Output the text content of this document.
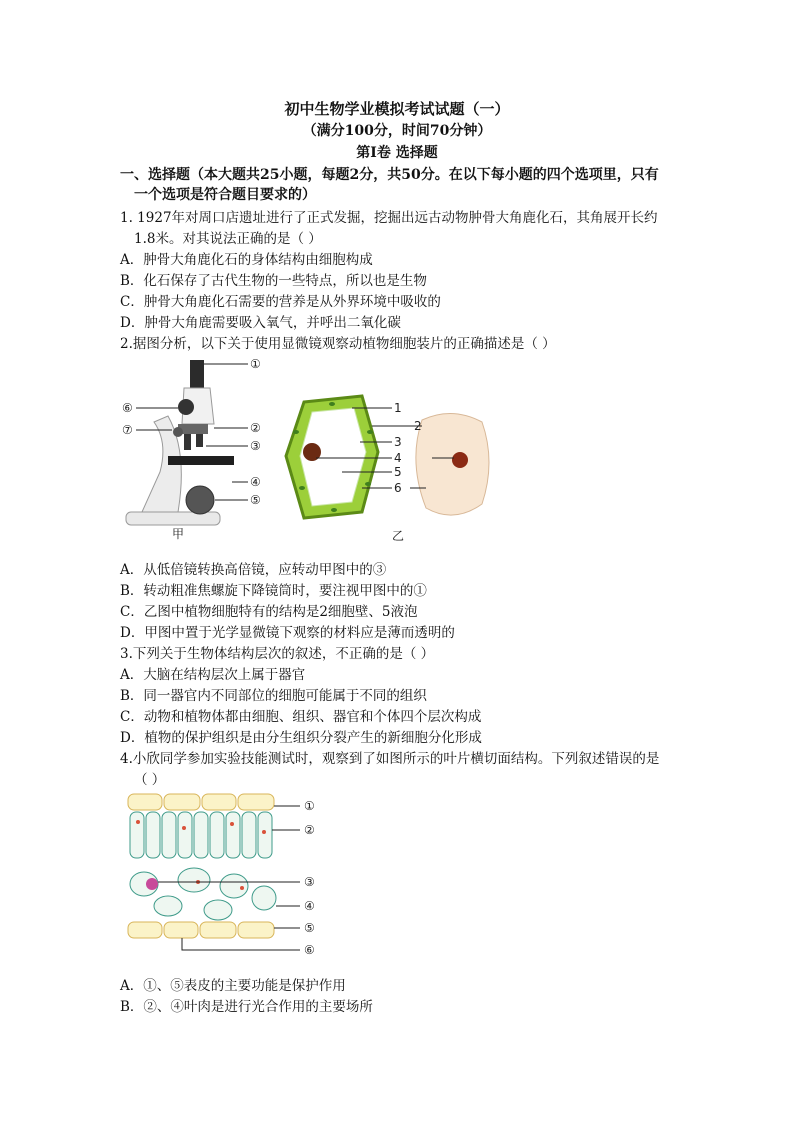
初中生物学业模拟考试试题（一）
（满分100分，时间70分钟）
第Ⅰ卷 选择题
一、选择题（本大题共25小题，每题2分，共50分。在以下每小题的四个选项里，只有
一个选项是符合题目要求的）
1. 1927年对周口店遗址进行了正式发掘，挖掘出远古动物肿骨大角鹿化石，其角展开长约
1.8米。对其说法正确的是（ ）
A．肿骨大角鹿化石的身体结构由细胞构成
B．化石保存了古代生物的一些特点，所以也是生物
C．肿骨大角鹿化石需要的营养是从外界环境中吸收的
D．肿骨大角鹿需要吸入氧气，并呼出二氧化碳
2.据图分析，以下关于使用显微镜观察动植物细胞装片的正确描述是（ ）
①
②
③
④
⑤
⑥
⑦
甲
1
2
3
4
5
6
乙
A．从低倍镜转换高倍镜，应转动甲图中的③
B．转动粗准焦螺旋下降镜筒时，要注视甲图中的①
C．乙图中植物细胞特有的结构是2细胞壁、5液泡
D．甲图中置于光学显微镜下观察的材料应是薄而透明的
3.下列关于生物体结构层次的叙述，不正确的是（ ）
A．大脑在结构层次上属于器官
B．同一器官内不同部位的细胞可能属于不同的组织
C．动物和植物体都由细胞、组织、器官和个体四个层次构成
D．植物的保护组织是由分生组织分裂产生的新细胞分化形成
4.小欣同学参加实验技能测试时，观察到了如图所示的叶片横切面结构。下列叙述错误的是
（ ）
①
②
③
④
⑤
⑥
A．①、⑤表皮的主要功能是保护作用
B．②、④叶肉是进行光合作用的主要场所
